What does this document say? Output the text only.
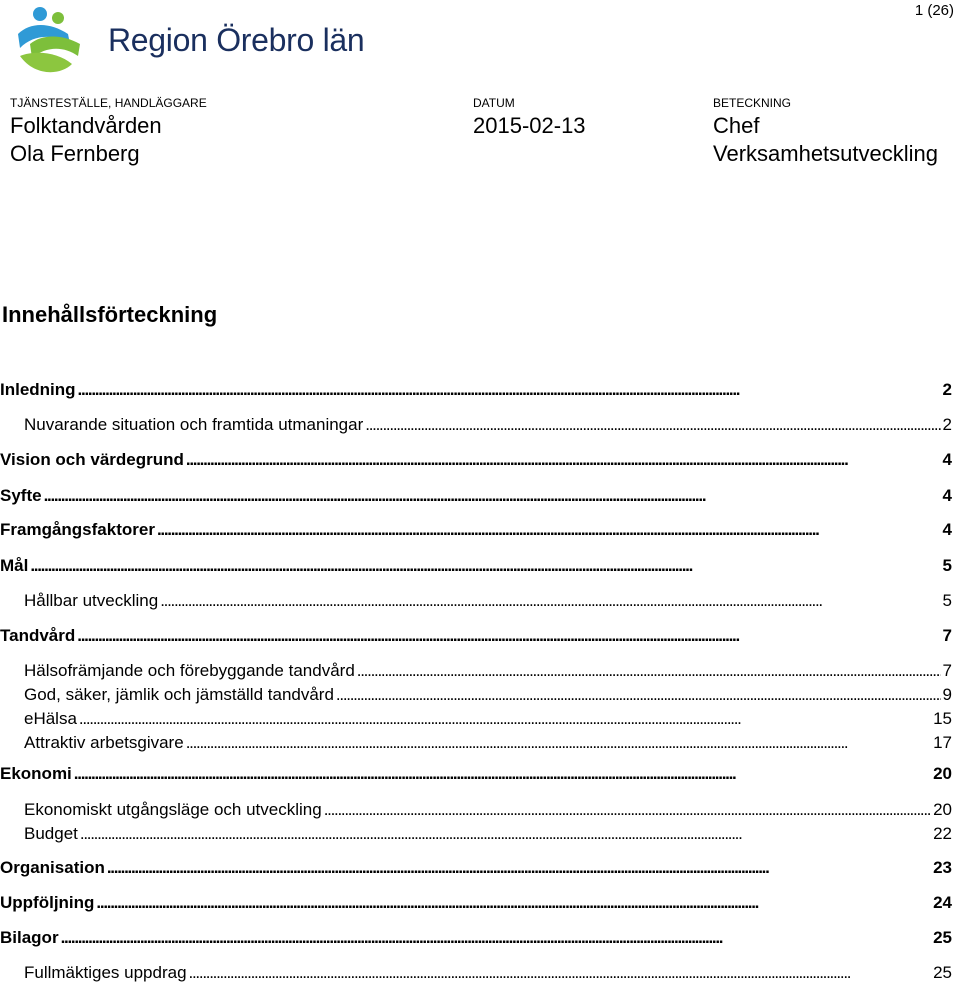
1 (26)
Region Örebro län
TJÄNSTESTÄLLE, HANDLÄGGARE
Folktandvården
Ola Fernberg
DATUM
2015-02-13
BETECKNING
Chef
Verksamhetsutveckling
Innehållsförteckning
Inledning . . .	2
Nuvarande situation och framtida utmaningar . . .	2
Vision och värdegrund . . .	4
Syfte . . .	4
Framgångsfaktorer . . .	4
Mål . . .	5
Hållbar utveckling . . .	5
Tandvård . . .	7
Hälsofrämjande och förebyggande tandvård . . .	7
God, säker, jämlik och jämställd tandvård . . .	9
eHälsa . . .	15
Attraktiv arbetsgivare . . .	17
Ekonomi . . .	20
Ekonomiskt utgångsläge och utveckling . . .	20
Budget . . .	22
Organisation . . .	23
Uppföljning . . .	24
Bilagor . . .	25
Fullmäktiges uppdrag . . .	25
